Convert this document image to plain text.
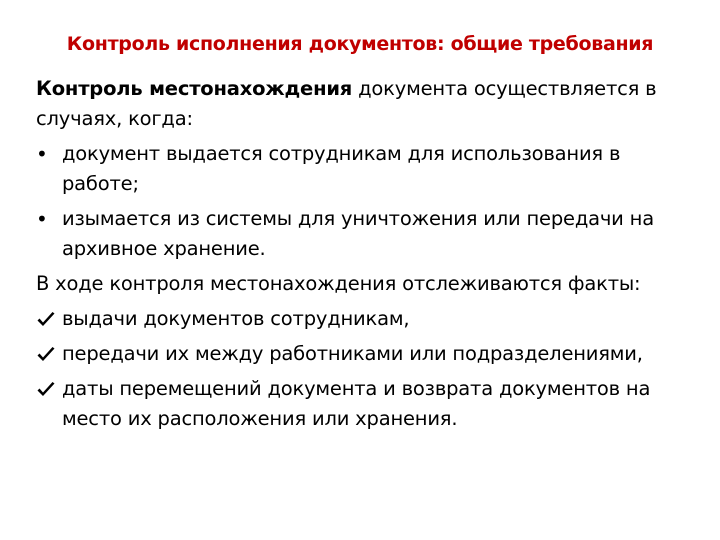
Контроль исполнения документов: общие требования

Контроль местонахождения документа осуществляется в случаях, когда:

• документ выдается сотрудникам для использования в работе;
• изымается из системы для уничтожения или передачи на архивное хранение.

В ходе контроля местонахождения отслеживаются факты:

выдачи документов сотрудникам,
передачи их между работниками или подразделениями,
даты перемещений документа и возврата документов на место их расположения или хранения.
